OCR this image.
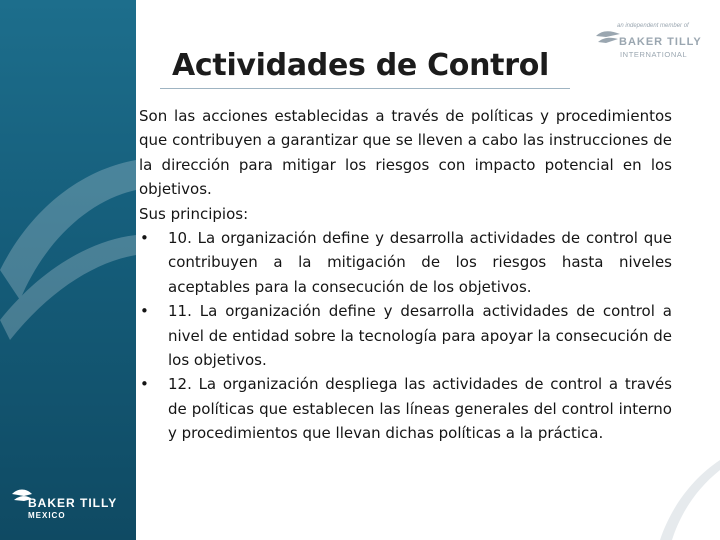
BAKER TILLY
MEXICO
an independent member of
BAKER TILLY
INTERNATIONAL
Actividades de Control

Son las acciones establecidas a través de políticas y procedimientos que contribuyen a garantizar que se lleven a cabo las instrucciones de la dirección para mitigar los riesgos con impacto potencial en los objetivos.

Sus principios:

• 10. La organización define y desarrolla actividades de control que contribuyen a la mitigación de los riesgos hasta niveles aceptables para la consecución de los objetivos.
• 11. La organización define y desarrolla actividades de control a nivel de entidad sobre la tecnología para apoyar la consecución de los objetivos.
• 12. La organización despliega las actividades de control a través de políticas que establecen las líneas generales del control interno y procedimientos que llevan dichas políticas a la práctica.
